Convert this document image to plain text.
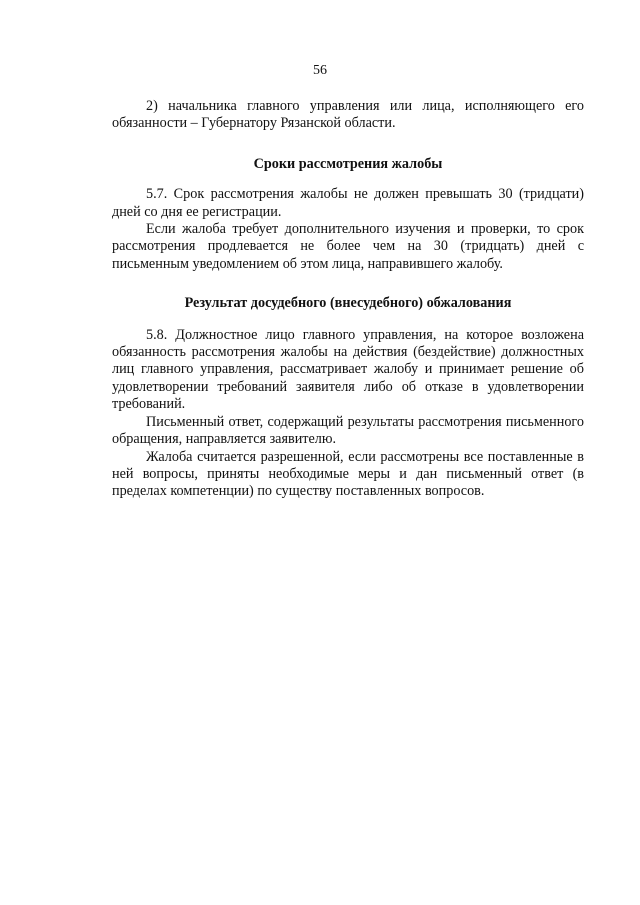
56

2) начальника главного управления или лица, исполняющего его обязанности – Губернатору Рязанской области.

Сроки рассмотрения жалобы

5.7. Срок рассмотрения жалобы не должен превышать 30 (тридцати) дней со дня ее регистрации.

Если жалоба требует дополнительного изучения и проверки, то срок рассмотрения продлевается не более чем на 30 (тридцать) дней с письменным уведомлением об этом лица, направившего жалобу.

Результат досудебного (внесудебного) обжалования

5.8. Должностное лицо главного управления, на которое возложена обязанность рассмотрения жалобы на действия (бездействие) должностных лиц главного управления, рассматривает жалобу и принимает решение об удовлетворении требований заявителя либо об отказе в удовлетворении требований.

Письменный ответ, содержащий результаты рассмотрения письменного обращения, направляется заявителю.

Жалоба считается разрешенной, если рассмотрены все поставленные в ней вопросы, приняты необходимые меры и дан письменный ответ (в пределах компетенции) по существу поставленных вопросов.
